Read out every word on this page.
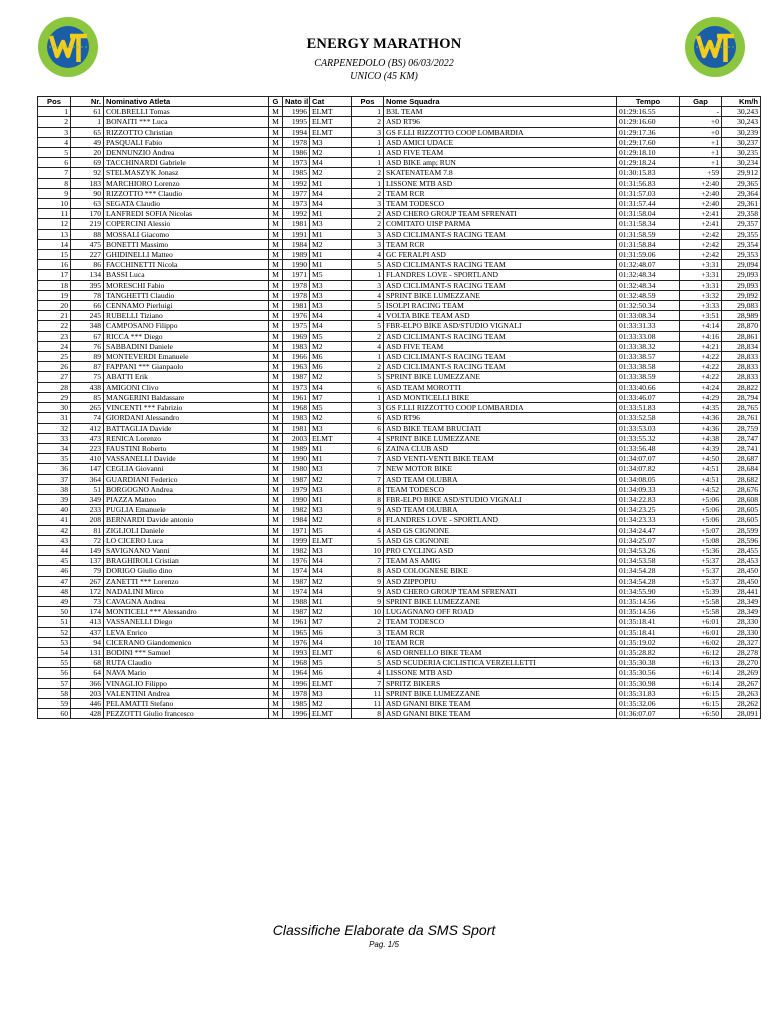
ENERGY MARATHON
CARPENEDOLO (BS) 06/03/2022
UNICO (45 KM)
Pos	Nr.	Nominativo Atleta	G	Nato il	Cat	Pos	Nome Squadra	Tempo	Gap	Km/h
1	61	COLBRELLI Tomas	M	1996	ELMT	1	B3L TEAM	01:29:16.55	-	30,243
2	1	BONAITI *** Luca	M	1995	ELMT	2	ASD RT96	01:29:16.60	+0	30,243
3	65	RIZZOTTO Christian	M	1994	ELMT	3	GS F.LLI RIZZOTTO COOP LOMBARDIA	01:29:17.36	+0	30,239
4	49	PASQUALI Fabio	M	1978	M3	1	ASD AMICI UDACE	01:29:17.60	+1	30,237
5	20	DENNUNZIO Andrea	M	1986	M2	1	ASD FIVE TEAM	01:29:18.10	+1	30,235
6	69	TACCHINARDI Gabriele	M	1973	M4	1	ASD BIKE amp; RUN	01:29:18.24	+1	30,234
7	92	STELMASZYK Jonasz	M	1985	M2	2	SKATENATEAM 7.8	01:30:15.83	+59	29,912
8	183	MARCHIORO Lorenzo	M	1992	M1	1	LISSONE MTB ASD	01:31:56.83	+2:40	29,365
9	90	RIZZOTTO *** Claudio	M	1977	M4	2	TEAM RCR	01:31:57.03	+2:40	29,364
10	63	SEGATA Claudio	M	1973	M4	3	TEAM TODESCO	01:31:57.44	+2:40	29,361
11	170	LANFREDI SOFIA Nicolas	M	1992	M1	2	ASD CHERO GROUP TEAM SFRENATI	01:31:58.04	+2:41	29,358
12	219	COPERCINI Alessio	M	1981	M3	2	COMITATO UISP PARMA	01:31:58.34	+2:41	29,357
13	88	MOSSALI Giacomo	M	1991	M1	3	ASD CICLIMANT-S RACING TEAM	01:31:58.59	+2:42	29,355
14	475	BONETTI Massimo	M	1984	M2	3	TEAM RCR	01:31:58.84	+2:42	29,354
15	227	GHIDINELLI Matteo	M	1989	M1	4	GC FERALPI ASD	01:31:59.06	+2:42	29,353
16	86	FACCHINETTI Nicola	M	1990	M1	5	ASD CICLIMANT-S RACING TEAM	01:32:48.07	+3:31	29,094
17	134	BASSI Luca	M	1971	M5	1	FLANDRES LOVE - SPORTLAND	01:32:48.34	+3:31	29,093
18	395	MORESCHI Fabio	M	1978	M3	3	ASD CICLIMANT-S RACING TEAM	01:32:48.34	+3:31	29,093
19	78	TANGHETTI Claudio	M	1978	M3	4	SPRINT BIKE LUMEZZANE	01:32:48.59	+3:32	29,092
20	66	CENNAMO Pierluigi	M	1981	M3	5	ISOLPI RACING TEAM	01:32:50.34	+3:33	29,083
21	245	RUBELLI Tiziano	M	1976	M4	4	VOLTA BIKE TEAM ASD	01:33:08.34	+3:51	28,989
22	348	CAMPOSANO Filippo	M	1975	M4	5	FBR-ELPO BIKE ASD/STUDIO VIGNALI	01:33:31.33	+4:14	28,870
23	67	RICCA *** Diego	M	1969	M5	2	ASD CICLIMANT-S RACING TEAM	01:33:33.08	+4:16	28,861
24	76	SABBADINI Daniele	M	1983	M2	4	ASD FIVE TEAM	01:33:38.32	+4:21	28,834
25	89	MONTEVERDI Emanuele	M	1966	M6	1	ASD CICLIMANT-S RACING TEAM	01:33:38.57	+4:22	28,833
26	87	FAPPANI *** Gianpaolo	M	1963	M6	2	ASD CICLIMANT-S RACING TEAM	01:33:38.58	+4:22	28,833
27	75	ABATTI Erik	M	1987	M2	5	SPRINT BIKE LUMEZZANE	01:33:38.59	+4:22	28,833
28	438	AMIGONI Clivo	M	1973	M4	6	ASD TEAM MOROTTI	01:33:40.66	+4:24	28,822
29	85	MANGERINI Baldassare	M	1961	M7	1	ASD MONTICELLI BIKE	01:33:46.07	+4:29	28,794
30	265	VINCENTI *** Fabrizio	M	1968	M5	3	GS F.LLI RIZZOTTO COOP LOMBARDIA	01:33:51.83	+4:35	28,765
31	74	GIORDANI Alessandro	M	1983	M2	6	ASD RT96	01:33:52.58	+4:36	28,761
32	412	BATTAGLIA Davide	M	1981	M3	6	ASD BIKE TEAM BRUCIATI	01:33:53.03	+4:36	28,759
33	473	RENICA Lorenzo	M	2003	ELMT	4	SPRINT BIKE LUMEZZANE	01:33:55.32	+4:38	28,747
34	223	FAUSTINI Roberto	M	1989	M1	6	ZAINA CLUB ASD	01:33:56.48	+4:39	28,741
35	410	VASSANELLI Davide	M	1990	M1	7	ASD VENTI-VENTI BIKE TEAM	01:34:07.07	+4:50	28,687
36	147	CEGLIA Giovanni	M	1980	M3	7	NEW MOTOR BIKE	01:34:07.82	+4:51	28,684
37	364	GUARDIANI Federico	M	1987	M2	7	ASD TEAM OLUBRA	01:34:08.05	+4:51	28,682
38	51	BORGOGNO Andrea	M	1979	M3	8	TEAM TODESCO	01:34:09.33	+4:52	28,676
39	349	PIAZZA Matteo	M	1990	M1	8	FBR-ELPO BIKE ASD/STUDIO VIGNALI	01:34:22.83	+5:06	28,608
40	233	PUGLIA Emanuele	M	1982	M3	9	ASD TEAM OLUBRA	01:34:23.25	+5:06	28,605
41	208	BERNARDI Davide antonio	M	1984	M2	8	FLANDRES LOVE - SPORTLAND	01:34:23.33	+5:06	28,605
42	81	ZIGLIOLI Daniele	M	1971	M5	4	ASD GS CIGNONE	01:34:24.47	+5:07	28,599
43	72	LO CICERO Luca	M	1999	ELMT	5	ASD GS CIGNONE	01:34:25.07	+5:08	28,596
44	149	SAVIGNANO Vanni	M	1982	M3	10	PRO CYCLING ASD	01:34:53.26	+5:36	28,455
45	137	BRAGHIROLI Cristian	M	1976	M4	7	TEAM AS AMIG	01:34:53.58	+5:37	28,453
46	79	DORIGO Giulio dino	M	1974	M4	8	ASD COLOGNESE BIKE	01:34:54.28	+5:37	28,450
47	267	ZANETTI *** Lorenzo	M	1987	M2	9	ASD ZIPPOPIU	01:34:54.28	+5:37	28,450
48	172	NADALINI Mirco	M	1974	M4	9	ASD CHERO GROUP TEAM SFRENATI	01:34:55.90	+5:39	28,441
49	73	CAVAGNA Andrea	M	1988	M1	9	SPRINT BIKE LUMEZZANE	01:35:14.56	+5:58	28,349
50	174	MONTICELI *** Alessandro	M	1987	M2	10	LUGAGNANO OFF ROAD	01:35:14.56	+5:58	28,349
51	413	VASSANELLI Diego	M	1961	M7	2	TEAM TODESCO	01:35:18.41	+6:01	28,330
52	437	LEVA Enrico	M	1965	M6	3	TEAM RCR	01:35:18.41	+6:01	28,330
53	94	CICERANO Giandomenico	M	1976	M4	10	TEAM RCR	01:35:19.02	+6:02	28,327
54	131	BODINI *** Samuel	M	1993	ELMT	6	ASD ORNELLO BIKE TEAM	01:35:28.82	+6:12	28,278
55	68	RUTA Claudio	M	1968	M5	5	ASD SCUDERIA CICLISTICA VERZELLETTI	01:35:30.38	+6:13	28,270
56	64	NAVA Mario	M	1964	M6	4	LISSONE MTB ASD	01:35:30.56	+6:14	28,269
57	366	VINAGLIO Filippo	M	1996	ELMT	7	SPRITZ BIKERS	01:35:30.98	+6:14	28,267
58	203	VALENTINI Andrea	M	1978	M3	11	SPRINT BIKE LUMEZZANE	01:35:31.83	+6:15	28,263
59	446	PELAMATTI Stefano	M	1985	M2	11	ASD GNANI BIKE TEAM	01:35:32.06	+6:15	28,262
60	428	PEZZOTTI Giulio francesco	M	1996	ELMT	8	ASD GNANI BIKE TEAM	01:36:07.07	+6:50	28,091
Classifiche Elaborate da SMS Sport
Pag. 1/5
